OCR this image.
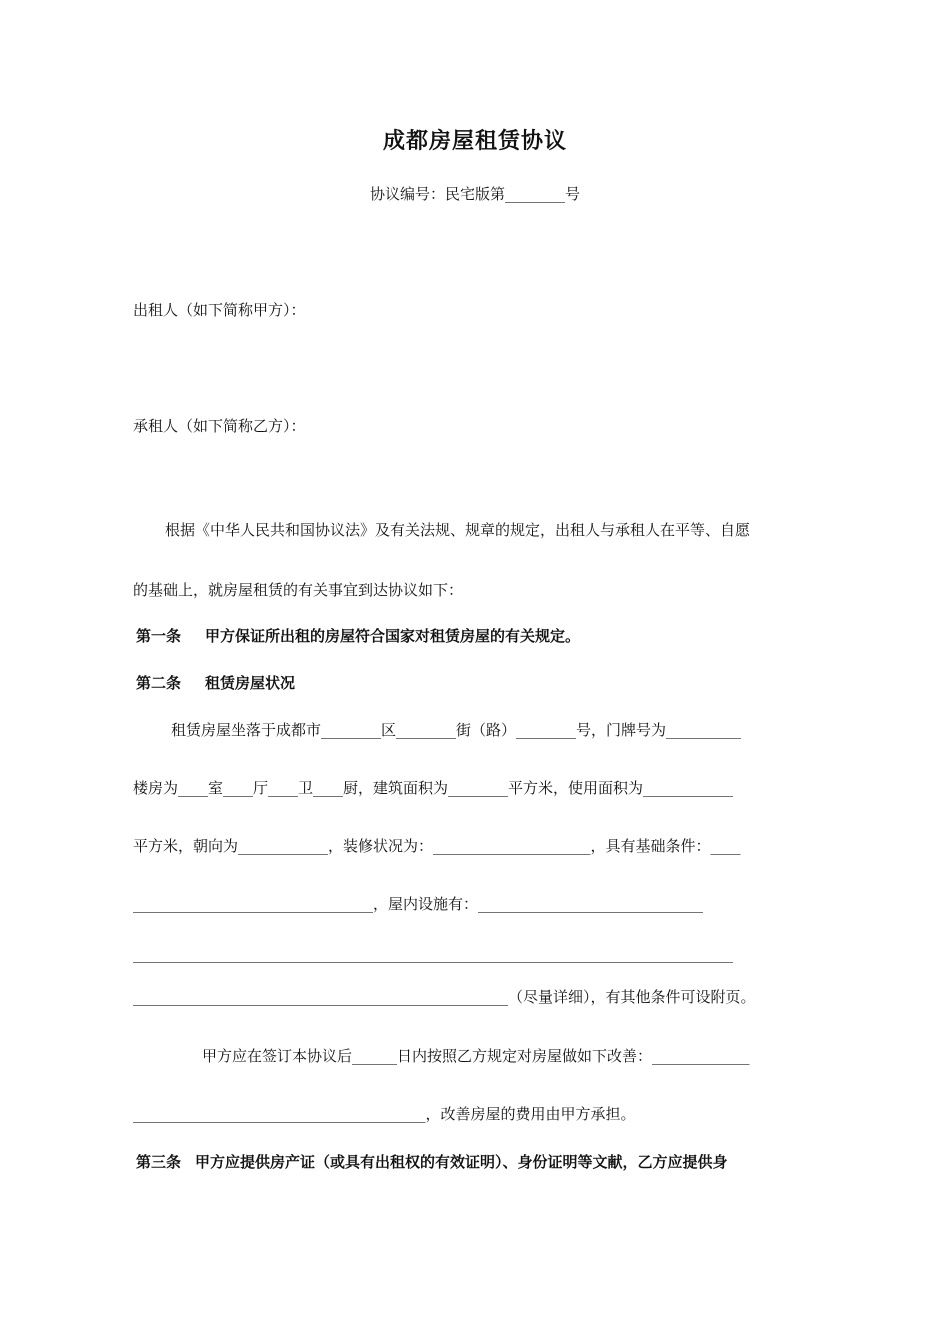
成都房屋租赁协议
协议编号：民宅版第________号
出租人（如下简称甲方）：
承租人（如下简称乙方）：
根据《中华人民共和国协议法》及有关法规、规章的规定，出租人与承租人在平等、自愿
的基础上，就房屋租赁的有关事宜到达协议如下：
第一条 甲方保证所出租的房屋符合国家对租赁房屋的有关规定。
第二条 租赁房屋状况
租赁房屋坐落于成都市________区________街（路）________号，门牌号为__________
楼房为____室____厅____卫____厨，建筑面积为________平方米，使用面积为____________
平方米，朝向为____________，装修状况为：_____________________，具有基础条件：____
________________________________，屋内设施有：______________________________
________________________________________________________________________________
__________________________________________________（尽量详细），有其他条件可设附页。
甲方应在签订本协议后______日内按照乙方规定对房屋做如下改善：_____________
_______________________________________，改善房屋的费用由甲方承担。
第三条 甲方应提供房产证（或具有出租权的有效证明）、身份证明等文献，乙方应提供身
